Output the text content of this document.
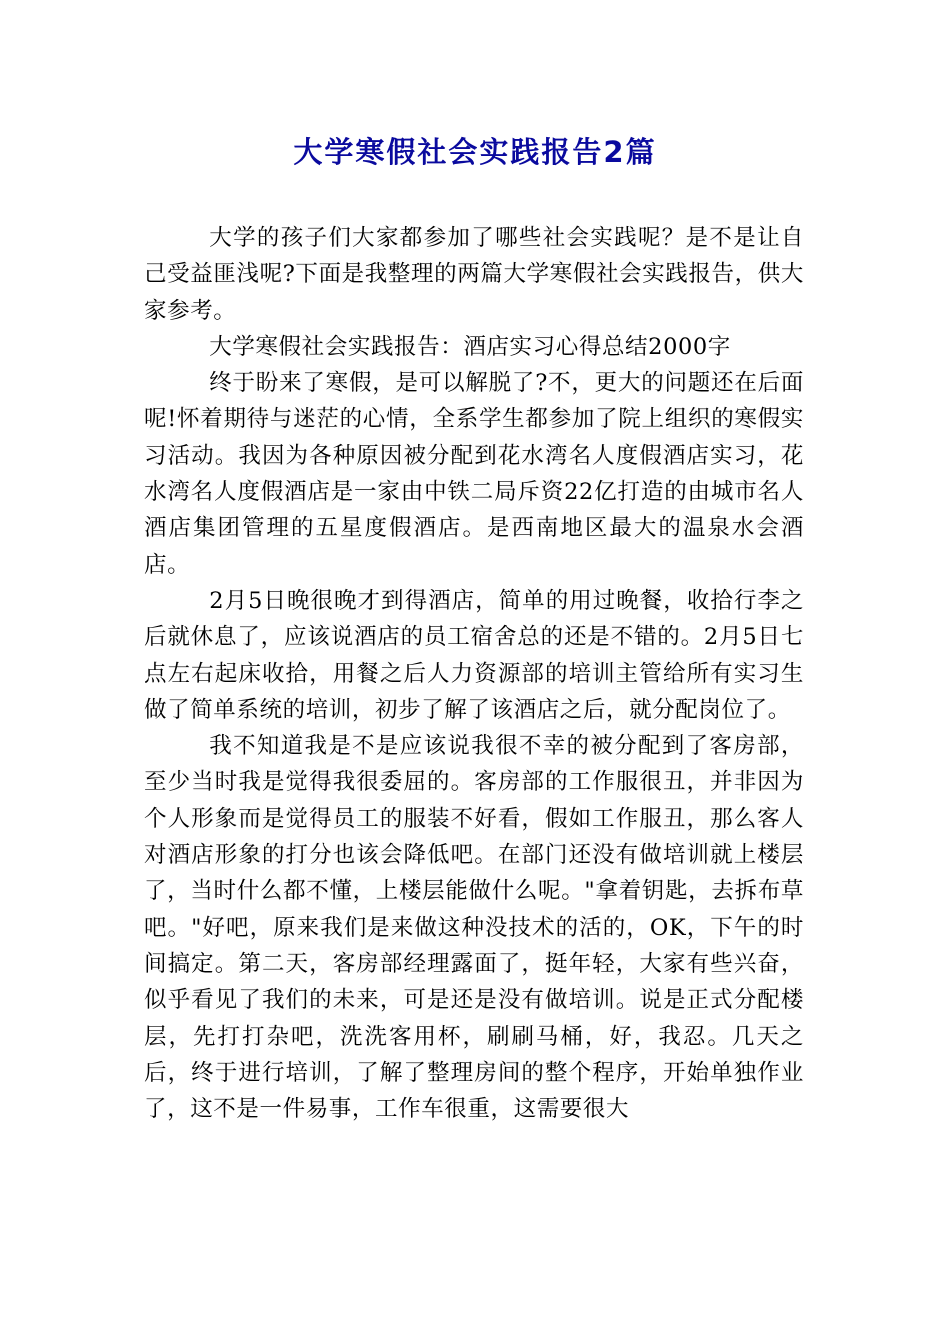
大学寒假社会实践报告2篇

大学的孩子们大家都参加了哪些社会实践呢？是不是让自己受益匪浅呢?下面是我整理的两篇大学寒假社会实践报告，供大家参考。

大学寒假社会实践报告：酒店实习心得总结2000字

终于盼来了寒假，是可以解脱了?不，更大的问题还在后面呢!怀着期待与迷茫的心情，全系学生都参加了院上组织的寒假实习活动。我因为各种原因被分配到花水湾名人度假酒店实习，花水湾名人度假酒店是一家由中铁二局斥资22亿打造的由城市名人酒店集团管理的五星度假酒店。是西南地区最大的温泉水会酒店。

2月5日晚很晚才到得酒店，简单的用过晚餐，收拾行李之后就休息了，应该说酒店的员工宿舍总的还是不错的。2月5日七点左右起床收拾，用餐之后人力资源部的培训主管给所有实习生做了简单系统的培训，初步了解了该酒店之后，就分配岗位了。

我不知道我是不是应该说我很不幸的被分配到了客房部，至少当时我是觉得我很委屈的。客房部的工作服很丑，并非因为个人形象而是觉得员工的服装不好看，假如工作服丑，那么客人对酒店形象的打分也该会降低吧。在部门还没有做培训就上楼层了，当时什么都不懂，上楼层能做什么呢。"拿着钥匙，去拆布草吧。"好吧，原来我们是来做这种没技术的活的，OK，下午的时间搞定。第二天，客房部经理露面了，挺年轻，大家有些兴奋，似乎看见了我们的未来，可是还是没有做培训。说是正式分配楼层，先打打杂吧，洗洗客用杯，刷刷马桶，好，我忍。几天之后，终于进行培训，了解了整理房间的整个程序，开始单独作业了，这不是一件易事，工作车很重，这需要很大
